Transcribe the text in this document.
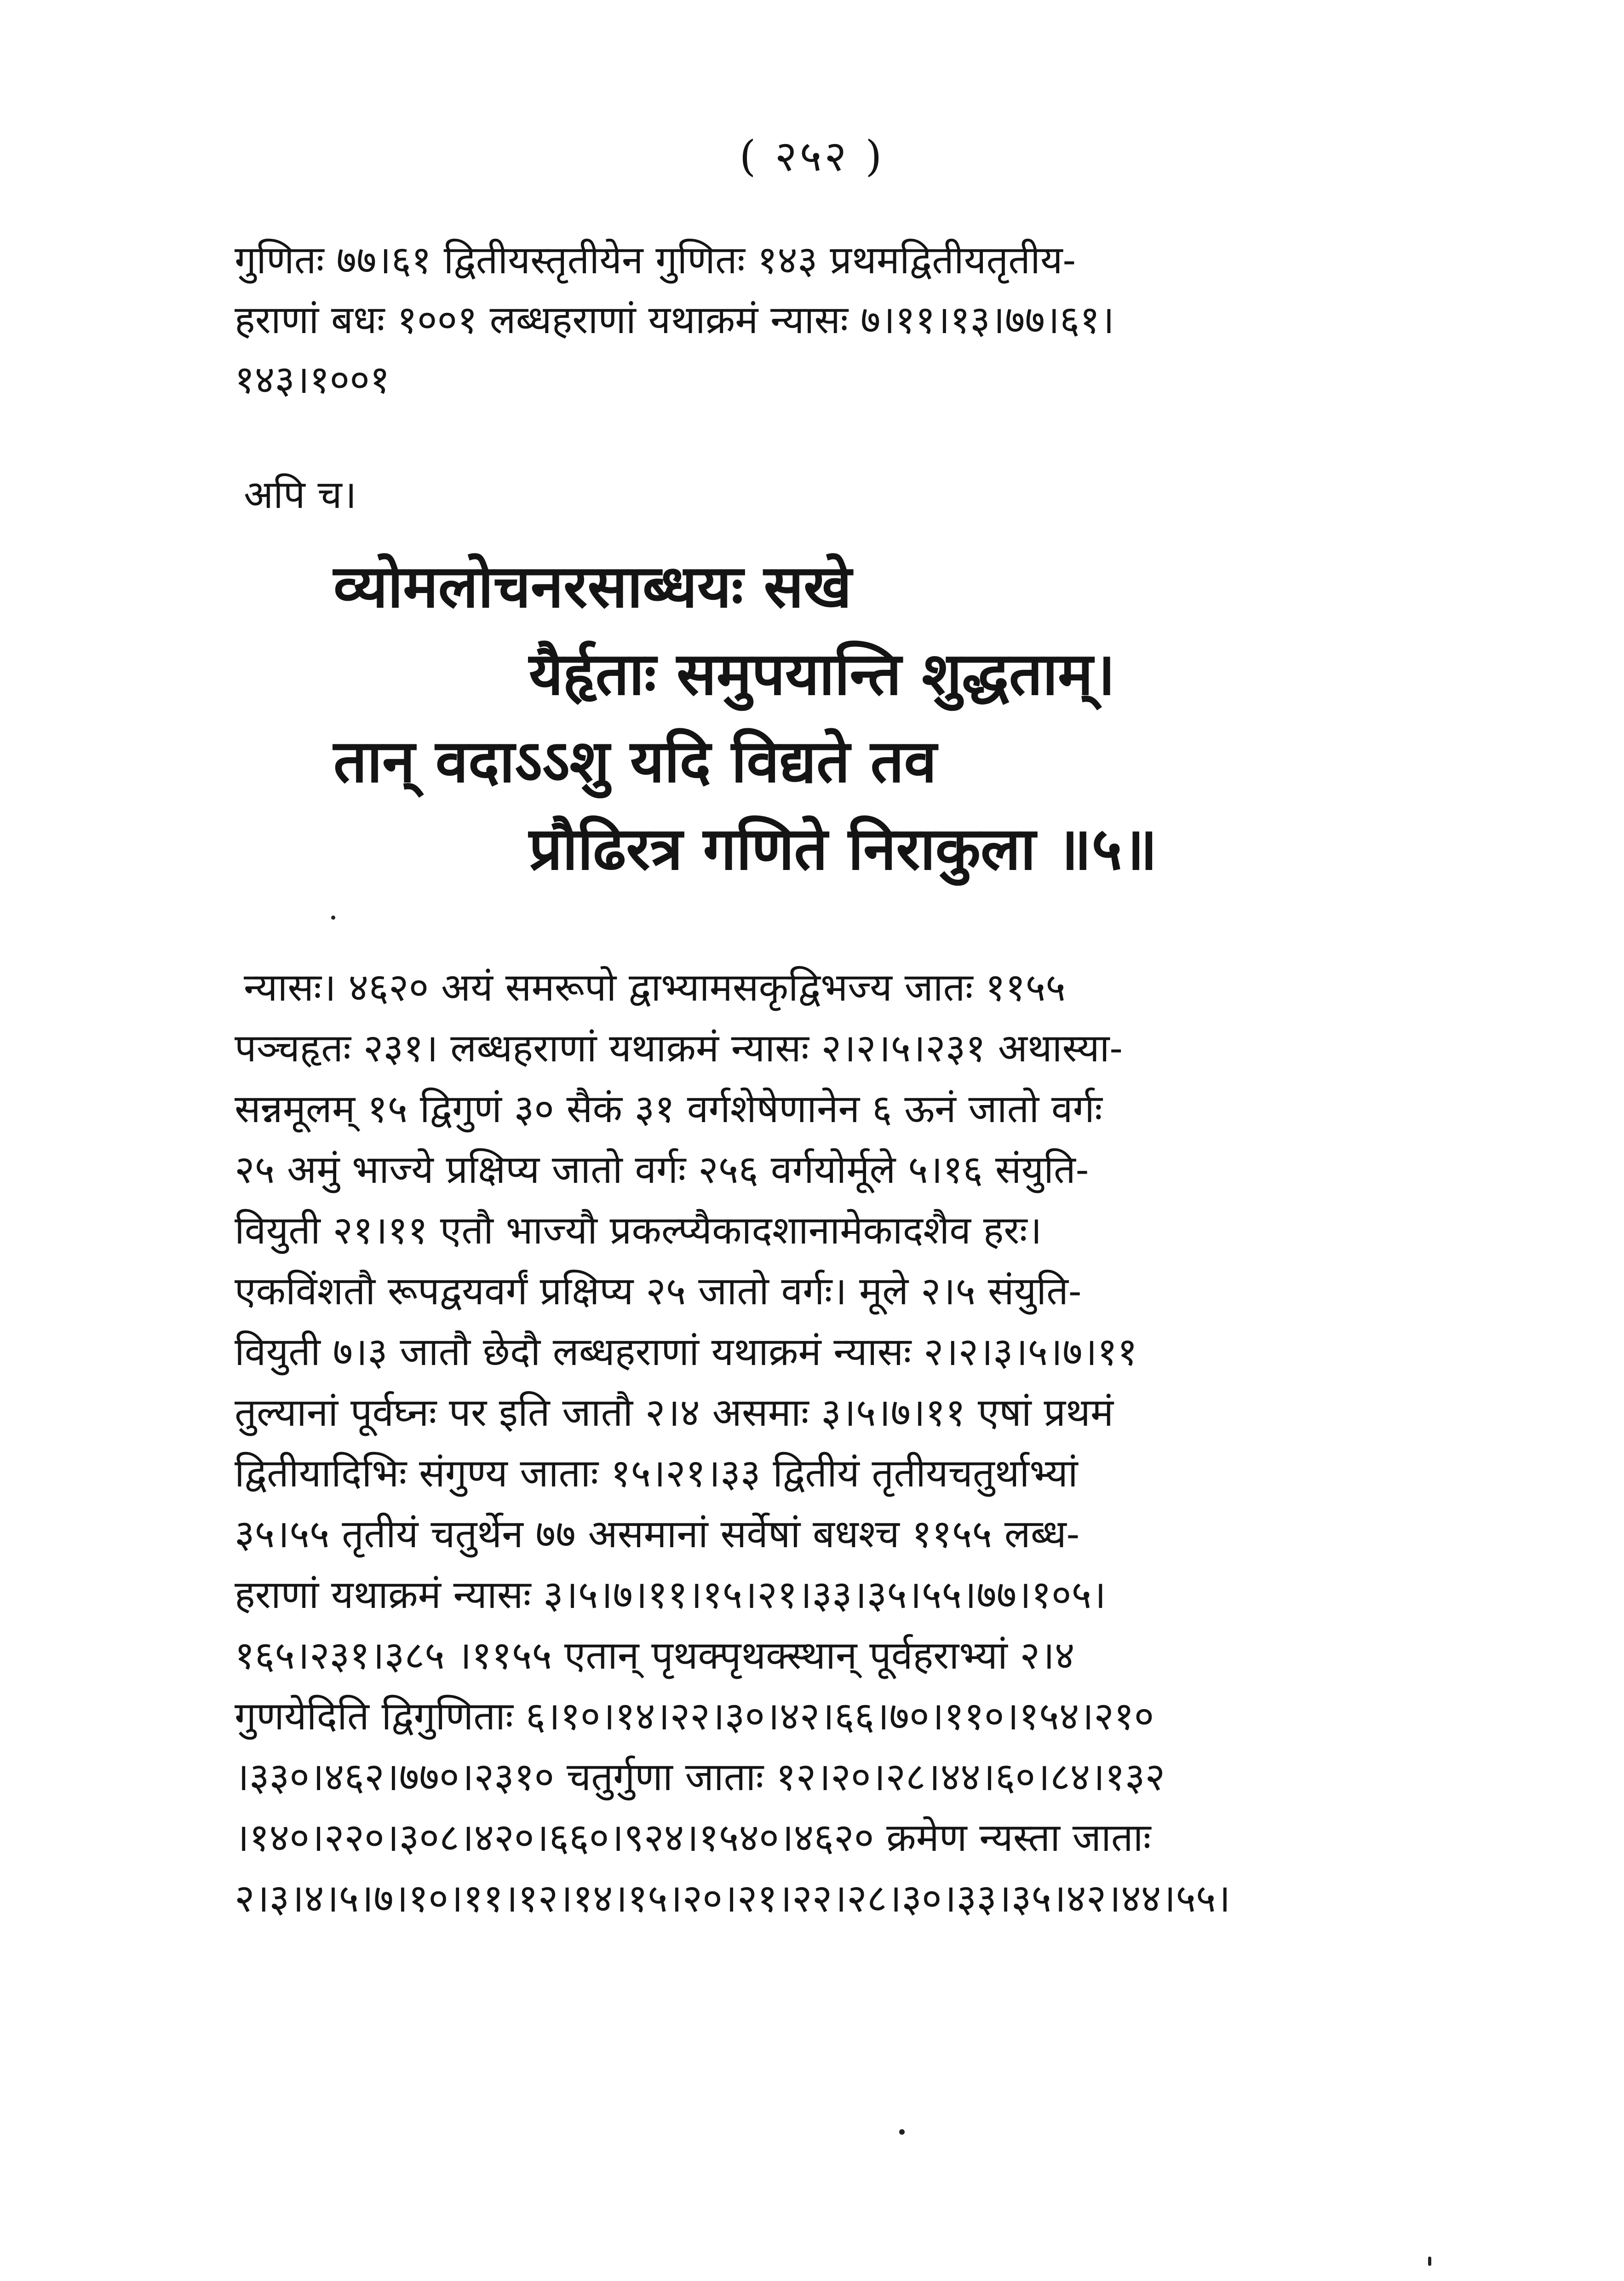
( २५२ )
गुणितः ७७।६१ द्वितीयस्तृतीयेन गुणितः १४३ प्रथमद्वितीयतृतीय-
हराणां बधः १००१ लब्धहराणां यथाक्रमं न्यासः ७।११।१३।७७।६१।
१४३।१००१
अपि च।
व्योमलोचनरसाब्धयः सखे
यैर्हृताः समुपयान्ति शुद्धताम्।
तान् वदाऽऽशु यदि विद्यते तव
प्रौढिरत्र गणिते निराकुला ॥५॥
न्यासः। ४६२० अयं समरूपो द्वाभ्यामसकृद्विभज्य जातः ११५५
पञ्चहृतः २३१। लब्धहराणां यथाक्रमं न्यासः २।२।५।२३१ अथास्या-
सन्नमूलम् १५ द्विगुणं ३० सैकं ३१ वर्गशेषेणानेन ६ ऊनं जातो वर्गः
२५ अमुं भाज्ये प्रक्षिप्य जातो वर्गः २५६ वर्गयोर्मूले ५।१६ संयुति-
वियुती २१।११ एतौ भाज्यौ प्रकल्प्यैकादशानामेकादशैव हरः।
एकविंशतौ रूपद्वयवर्गं प्रक्षिप्य २५ जातो वर्गः। मूले २।५ संयुति-
वियुती ७।३ जातौ छेदौ लब्धहराणां यथाक्रमं न्यासः २।२।३।५।७।११
तुल्यानां पूर्वघ्नः पर इति जातौ २।४ असमाः ३।५।७।११ एषां प्रथमं
द्वितीयादिभिः संगुण्य जाताः १५।२१।३३ द्वितीयं तृतीयचतुर्थाभ्यां
३५।५५ तृतीयं चतुर्थेन ७७ असमानां सर्वेषां बधश्च ११५५ लब्ध-
हराणां यथाक्रमं न्यासः ३।५।७।११।१५।२१।३३।३५।५५।७७।१०५।
१६५।२३१।३८५ ।११५५ एतान् पृथक्पृथक्स्थान् पूर्वहराभ्यां २।४
गुणयेदिति द्विगुणिताः ६।१०।१४।२२।३०।४२।६६।७०।११०।१५४।२१०
।३३०।४६२।७७०।२३१० चतुर्गुणा जाताः १२।२०।२८।४४।६०।८४।१३२
।१४०।२२०।३०८।४२०।६६०।९२४।१५४०।४६२० क्रमेण न्यस्ता जाताः
२।३।४।५।७।१०।११।१२।१४।१५।२०।२१।२२।२८।३०।३३।३५।४२।४४।५५।
